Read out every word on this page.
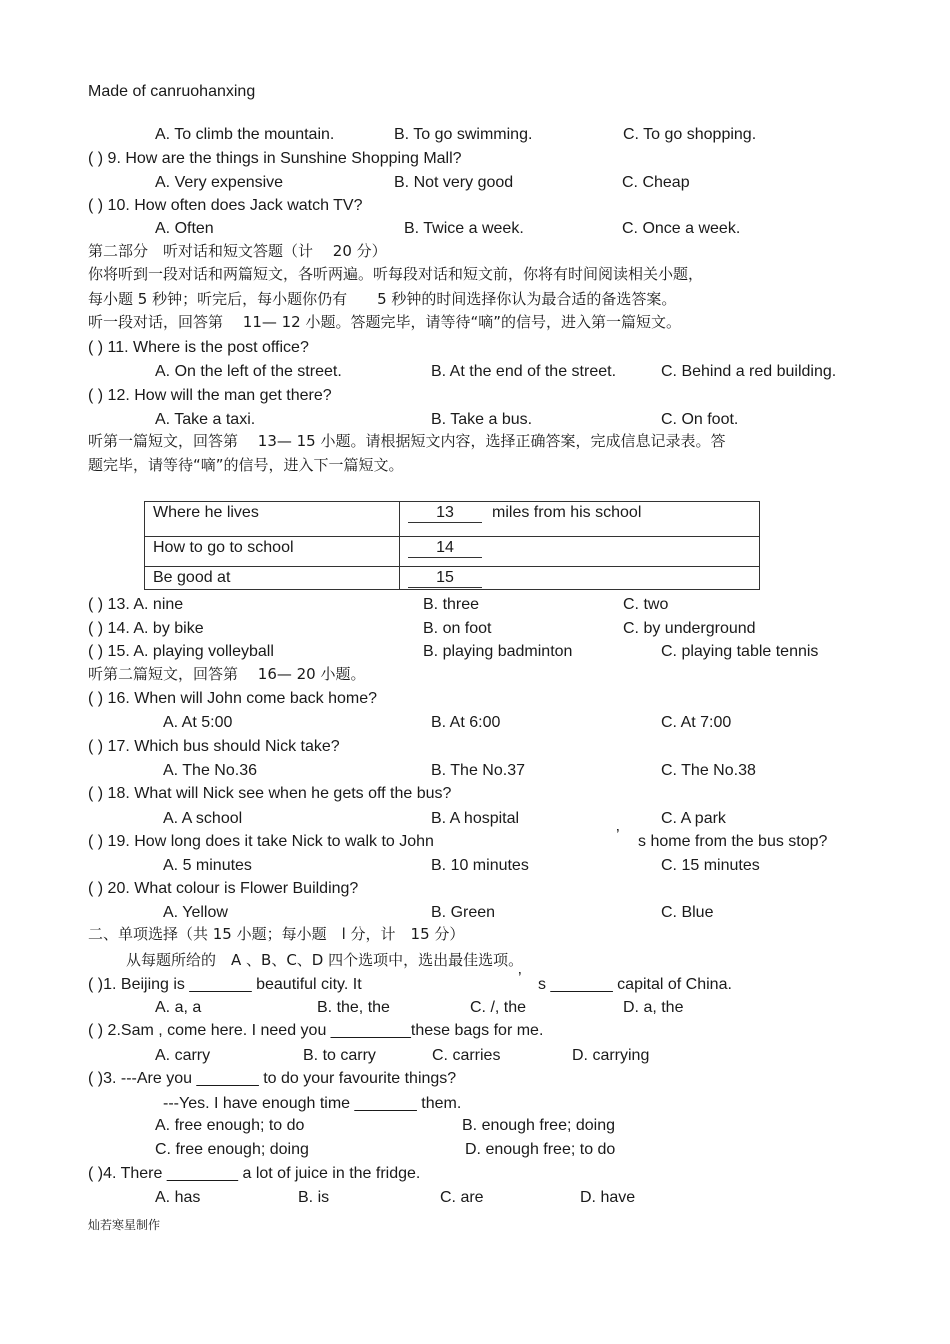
Made of canruohanxing
A. To climb the mountain.	B. To go swimming.	C. To go shopping.
( ) 9. How are the things in Sunshine Shopping Mall?
A. Very expensive	B. Not very good	C. Cheap
( ) 10. How often does Jack watch TV?
A. Often	B. Twice a week.	C. Once a week.
第二部分　听对话和短文答题（计　 20 分）
你将听到一段对话和两篇短文，各听两遍。听每段对话和短文前，你将有时间阅读相关小题，
每小题 5 秒钟；听完后，每小题你仍有　　5 秒钟的时间选择你认为最合适的备选答案。
听一段对话，回答第　 11— 12 小题。答题完毕，请等待“嘀”的信号，进入第一篇短文。
( ) 11. Where is the post office?
A. On the left of the street.	B. At the end of the street.	C. Behind a red building.
( ) 12. How will the man get there?
A. Take a taxi.	B. Take a bus.	C. On foot.
听第一篇短文，回答第　 13— 15 小题。请根据短文内容，选择正确答案，完成信息记录表。答
题完毕，请等待“嘀”的信号，进入下一篇短文。
Where he lives	13 miles from his school
How to go to school	14
Be good at	15
( ) 13. A. nine	B. three	C. two
( ) 14. A. by bike	B. on foot	C. by underground
( ) 15. A. playing volleyball	B. playing badminton	C. playing table tennis
听第二篇短文，回答第　 16— 20 小题。
( ) 16. When will John come back home?
A. At 5:00	B. At 6:00	C. At 7:00
( ) 17. Which bus should Nick take?
A. The No.36	B. The No.37	C. The No.38
( ) 18. What will Nick see when he gets off the bus?
A. A school	B. A hospital	C. A park
( ) 19. How long does it take Nick to walk to John	’ s home from the bus stop?
A. 5 minutes	B. 10 minutes	C. 15 minutes
( ) 20. What colour is Flower Building?
A. Yellow	B. Green	C. Blue
二、单项选择（共 15 小题；每小题　l 分，计　15 分）
从每题所给的　A 、B、C、D 四个选项中，选出最佳选项。
( )1. Beijing is _______ beautiful city. It	’ s _______ capital of China.
A. a, a	B. the, the	C. /, the	D. a, the
( ) 2.Sam , come here. I need you _________these bags for me.
A. carry	B. to carry	C. carries	D. carrying
( )3. ---Are you _______ to do your favourite things?
---Yes. I have enough time _______ them.
A. free enough; to do	B. enough free; doing
C. free enough; doing	D. enough free; to do
( )4. There ________ a lot of juice in the fridge.
A. has	B. is	C. are	D. have
灿若寒星制作
